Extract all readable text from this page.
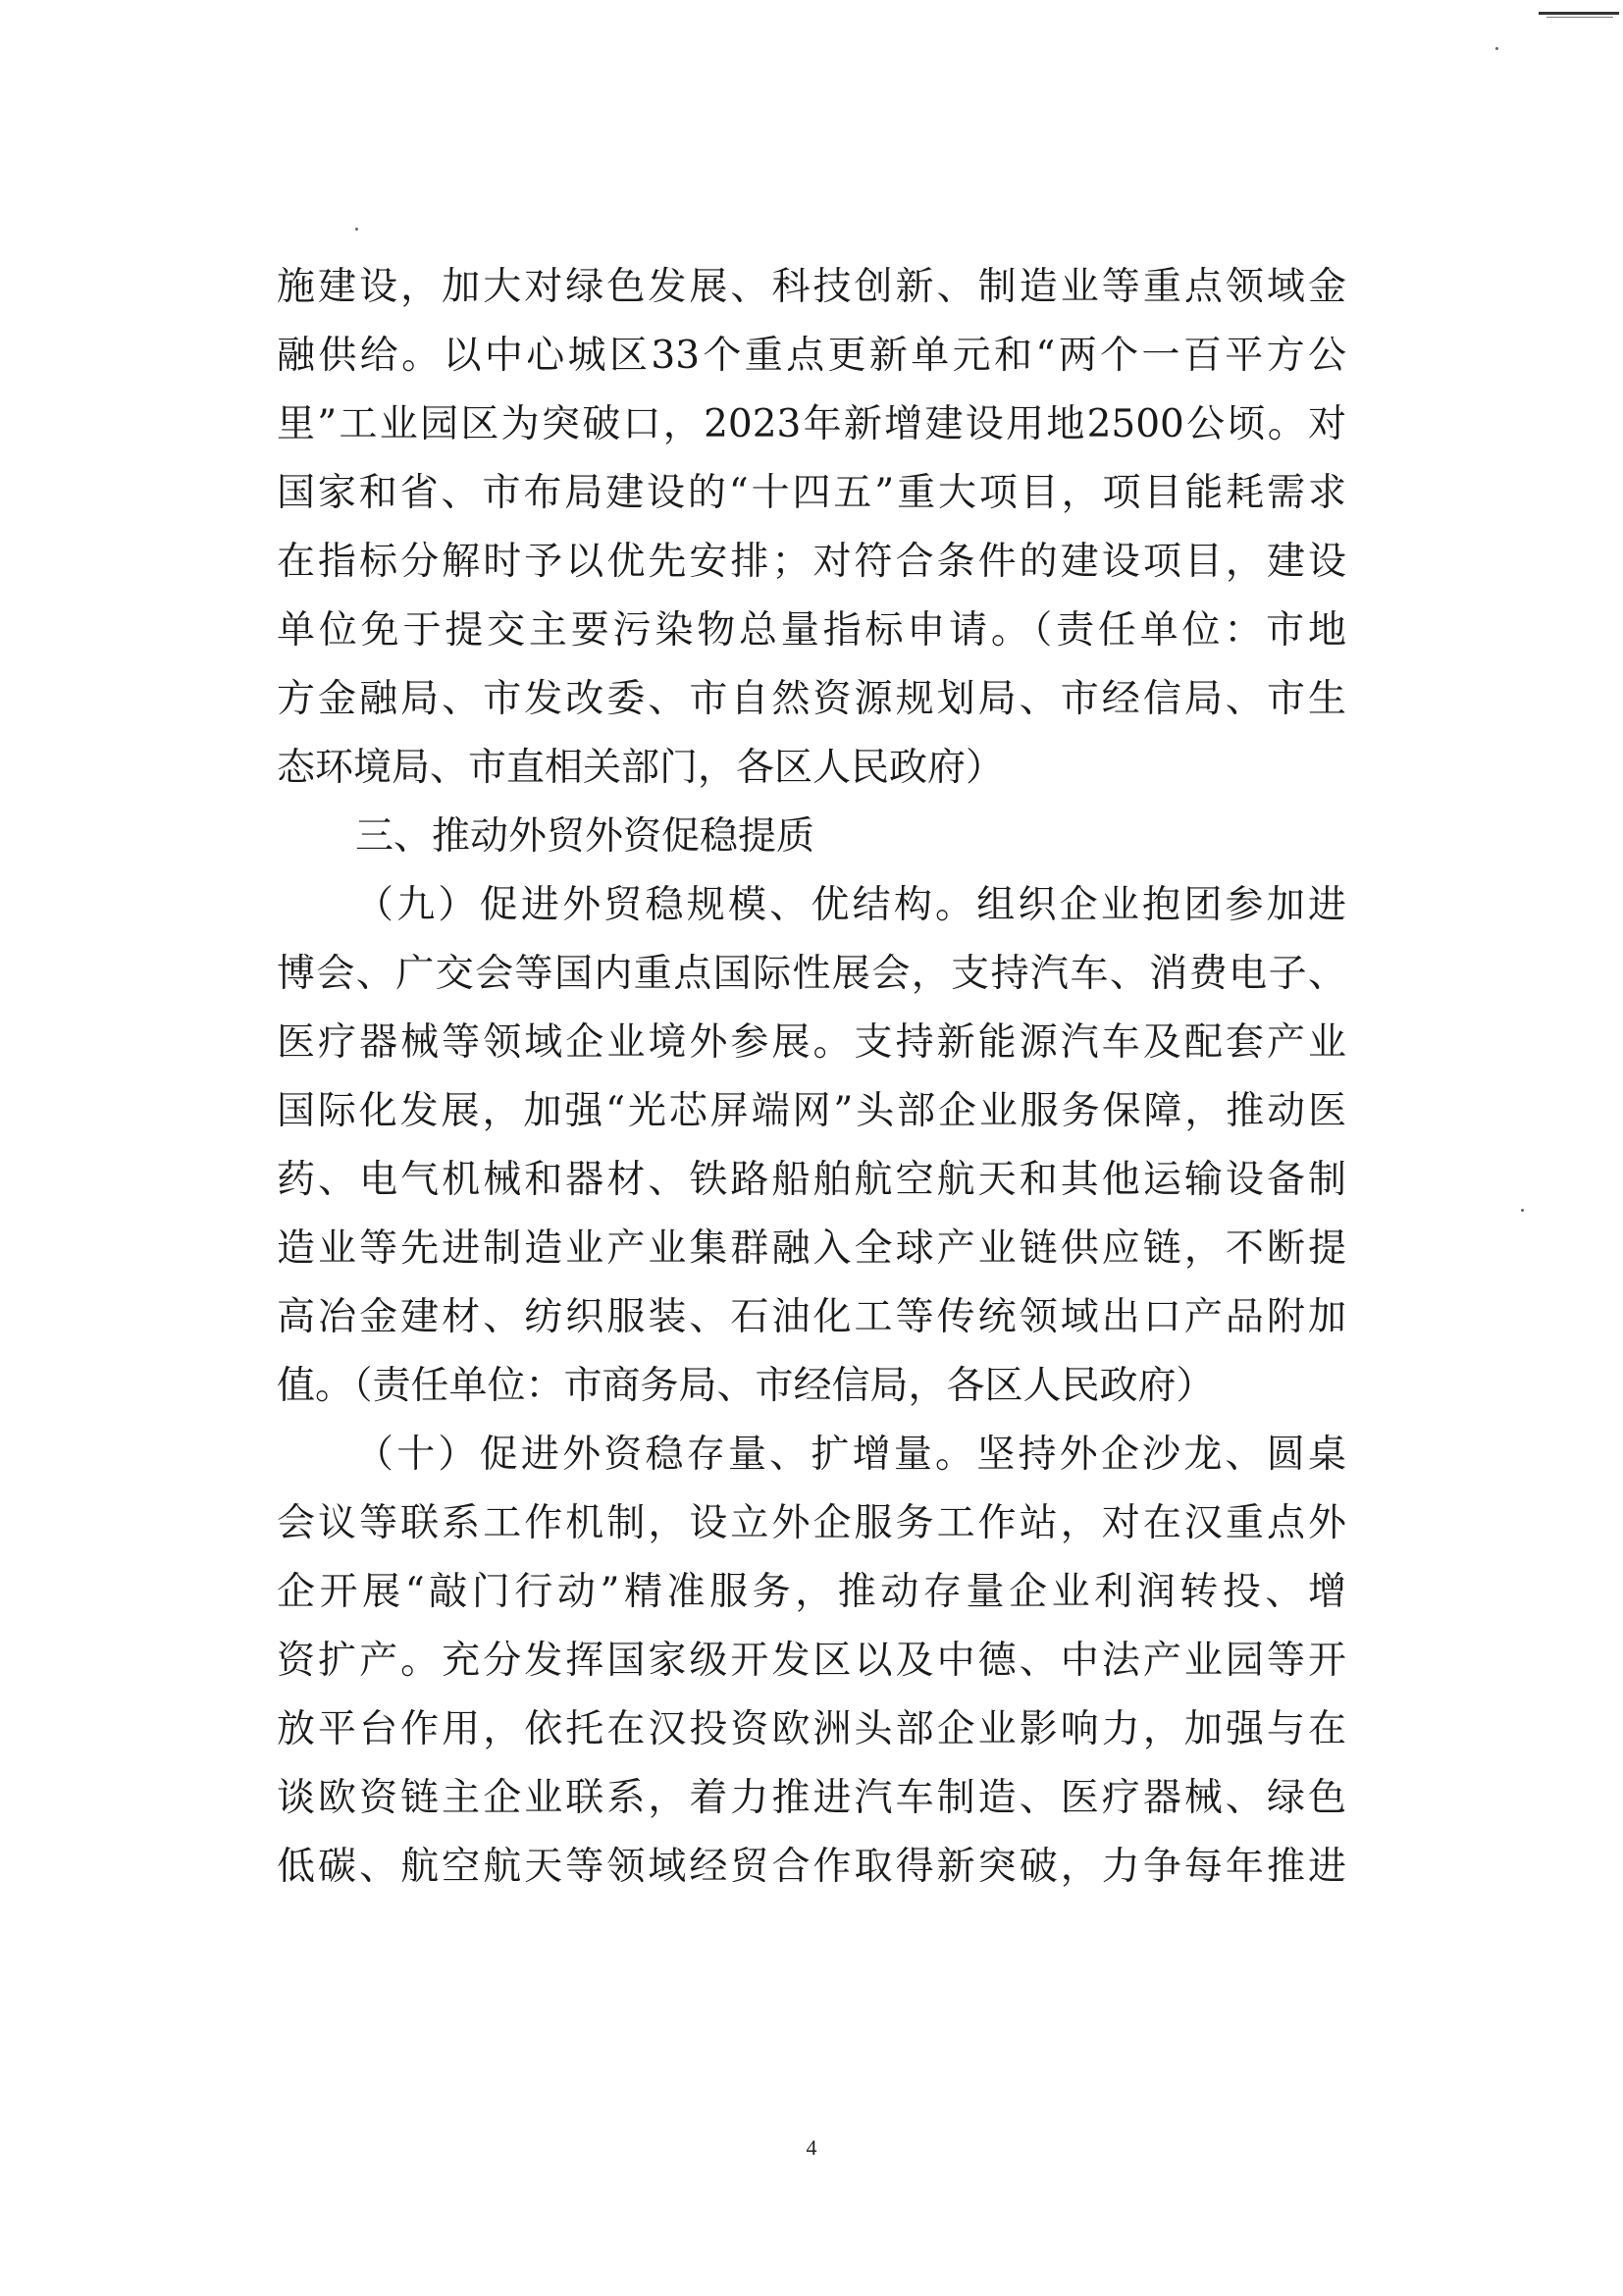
施建设，加大对绿色发展、科技创新、制造业等重点领域金
融供给。以中心城区33个重点更新单元和“两个一百平方公
里”工业园区为突破口，2023年新增建设用地2500公顷。对
国家和省、市布局建设的“十四五”重大项目，项目能耗需求
在指标分解时予以优先安排；对符合条件的建设项目，建设
单位免于提交主要污染物总量指标申请。（责任单位：市地
方金融局、市发改委、市自然资源规划局、市经信局、市生
态环境局、市直相关部门，各区人民政府）
三、推动外贸外资促稳提质
（九）促进外贸稳规模、优结构。组织企业抱团参加进
博会、广交会等国内重点国际性展会，支持汽车、消费电子、
医疗器械等领域企业境外参展。支持新能源汽车及配套产业
国际化发展，加强“光芯屏端网”头部企业服务保障，推动医
药、电气机械和器材、铁路船舶航空航天和其他运输设备制
造业等先进制造业产业集群融入全球产业链供应链，不断提
高冶金建材、纺织服装、石油化工等传统领域出口产品附加
值。（责任单位：市商务局、市经信局，各区人民政府）
（十）促进外资稳存量、扩增量。坚持外企沙龙、圆桌
会议等联系工作机制，设立外企服务工作站，对在汉重点外
企开展“敲门行动”精准服务，推动存量企业利润转投、增
资扩产。充分发挥国家级开发区以及中德、中法产业园等开
放平台作用，依托在汉投资欧洲头部企业影响力，加强与在
谈欧资链主企业联系，着力推进汽车制造、医疗器械、绿色
低碳、航空航天等领域经贸合作取得新突破，力争每年推进
4
